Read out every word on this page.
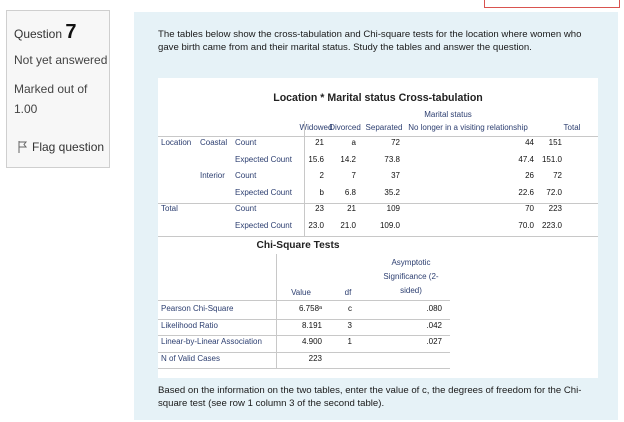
Question 7
Not yet answered
Marked out of 1.00
Flag question
The tables below show the cross-tabulation and Chi-square tests for the location where women who gave birth came from and their marital status. Study the tables and answer the question.
Location * Marital status Cross-tabulation
Marital status
Widowed
Divorced Separated No longer in a visiting relationship	Total
Location Coastal Count	21	a	72	44	151
Expected Count	15.6	14.2	73.8	47.4 151.0
Interior Count	2	7	37	26	72
Expected Count	b	6.8	35.2	22.6	72.0
Total	Count	23	21	109	70	223
Expected Count	23.0	21.0	109.0	70.0 223.0
Chi-Square Tests
Asymptotic
Significance (2-
sided)
Value	df
Pearson Chi-Square	6.758ᵃ	c	.080
Likelihood Ratio	8.191	3	.042
Linear-by-Linear Association	4.900	1	.027
N of Valid Cases	223
Based on the information on the two tables, enter the value of c, the degrees of freedom for the Chi-square test (see row 1 column 3 of the second table).
